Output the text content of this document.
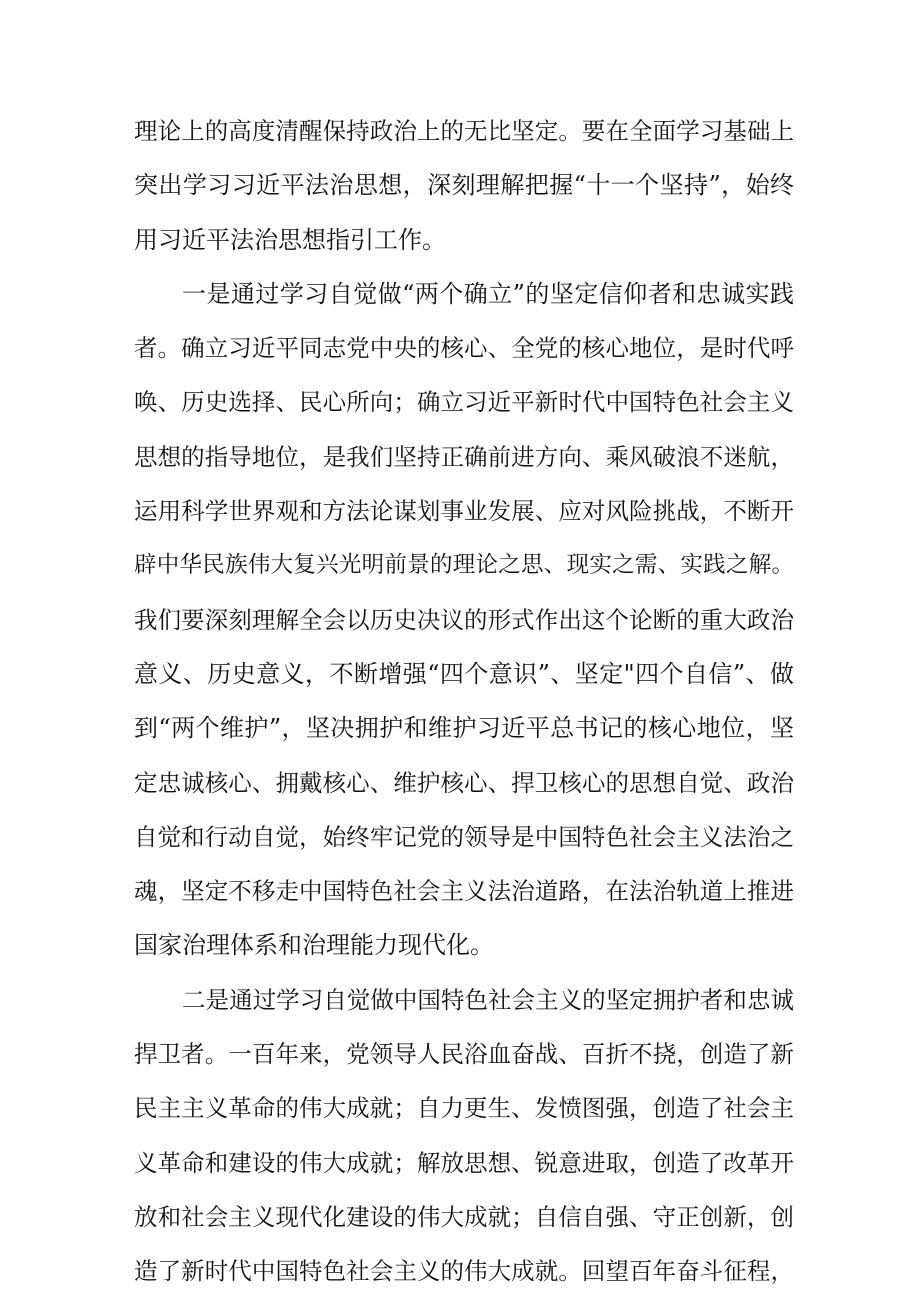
理论上的高度清醒保持政治上的无比坚定。要在全面学习基础上
突出学习习近平法治思想，深刻理解把握“十一个坚持”，始终
用习近平法治思想指引工作。
一是通过学习自觉做“两个确立”的坚定信仰者和忠诚实践
者。确立习近平同志党中央的核心、全党的核心地位，是时代呼
唤、历史选择、民心所向；确立习近平新时代中国特色社会主义
思想的指导地位，是我们坚持正确前进方向、乘风破浪不迷航，
运用科学世界观和方法论谋划事业发展、应对风险挑战，不断开
辟中华民族伟大复兴光明前景的理论之思、现实之需、实践之解。
我们要深刻理解全会以历史决议的形式作出这个论断的重大政治
意义、历史意义，不断增强“四个意识”、坚定"四个自信”、做
到“两个维护”，坚决拥护和维护习近平总书记的核心地位，坚
定忠诚核心、拥戴核心、维护核心、捍卫核心的思想自觉、政治
自觉和行动自觉，始终牢记党的领导是中国特色社会主义法治之
魂，坚定不移走中国特色社会主义法治道路，在法治轨道上推进
国家治理体系和治理能力现代化。
二是通过学习自觉做中国特色社会主义的坚定拥护者和忠诚
捍卫者。一百年来，党领导人民浴血奋战、百折不挠，创造了新
民主主义革命的伟大成就；自力更生、发愤图强，创造了社会主
义革命和建设的伟大成就；解放思想、锐意进取，创造了改革开
放和社会主义现代化建设的伟大成就；自信自强、守正创新，创
造了新时代中国特色社会主义的伟大成就。回望百年奋斗征程，
